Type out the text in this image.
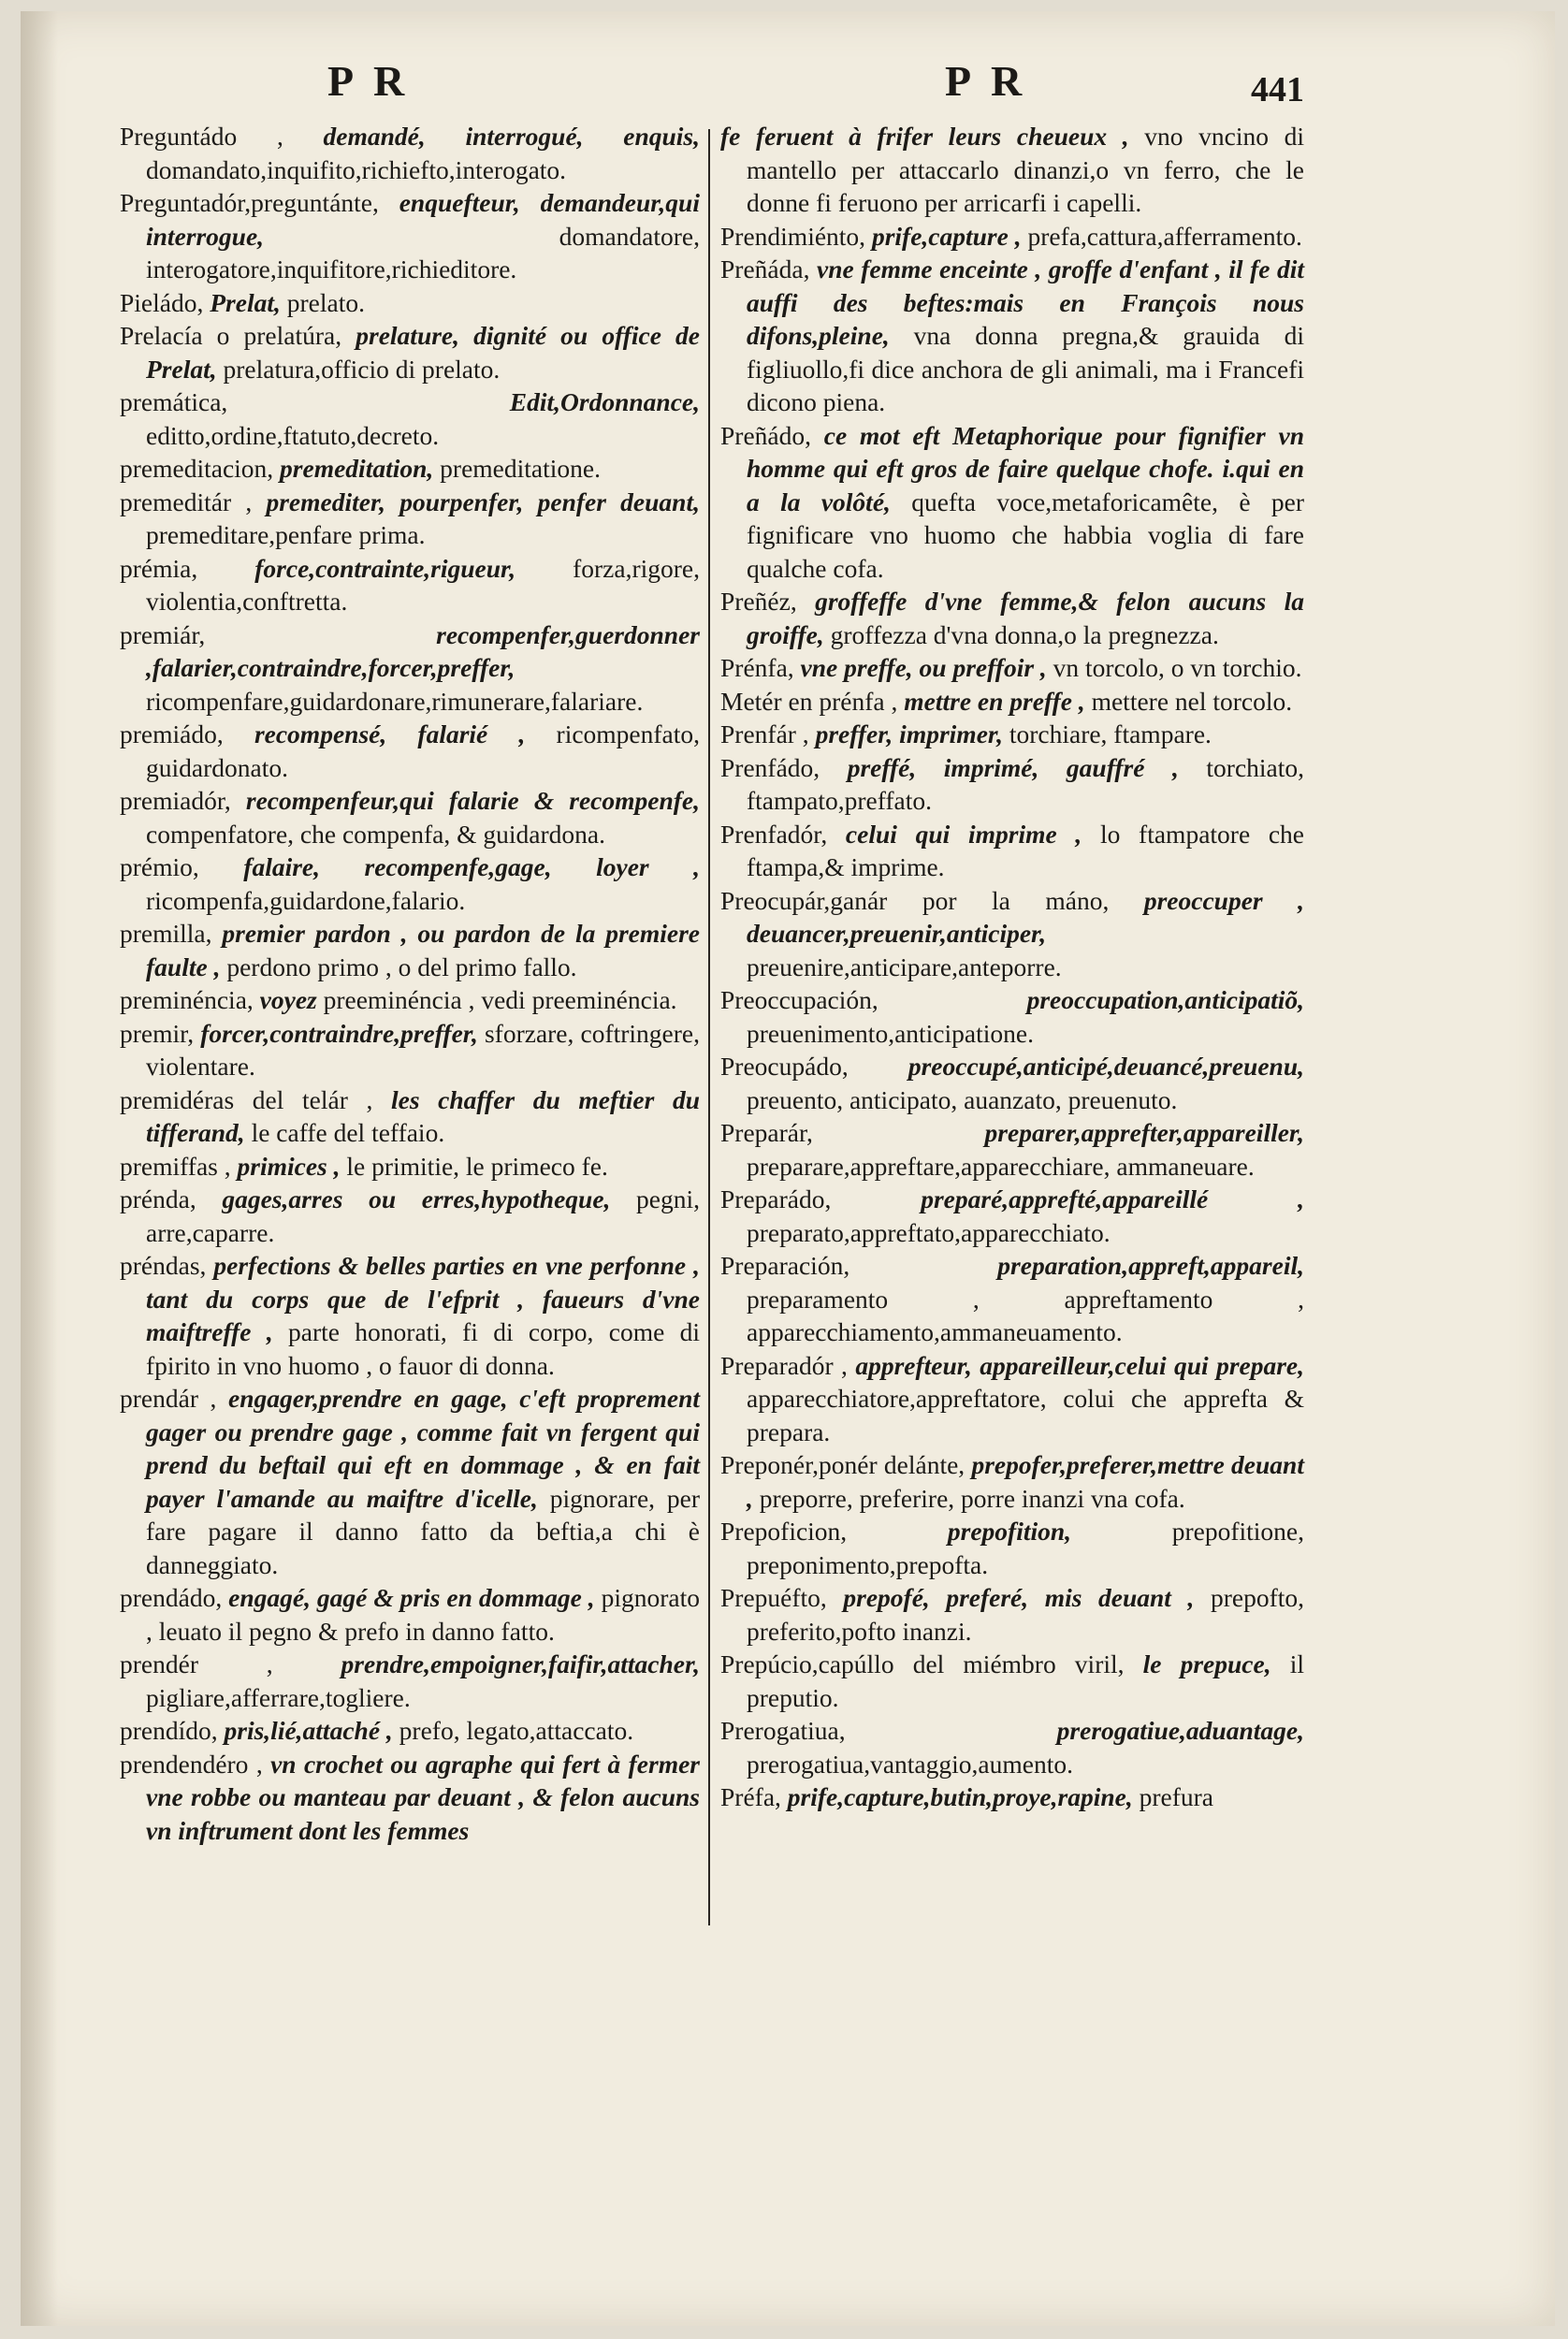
P R	P R	441

Preguntádo , demandé, interrogué, enquis, domandato,inquifito,richiefto,interogato.

Preguntadór,preguntánte, enquefteur, demandeur,qui interrogue,	domandatore, interogatore,inquifitore,richieditore.

Pieládo, Prelat, prelato.

Prelacía o prelatúra, prelature, dignité ou office de Prelat, prelatura,officio di prelato.

premática,	Edit,Ordonnance, editto,ordine,ftatuto,decreto.

premeditacion, premeditation, premeditatione.

premeditár , premediter, pourpenfer, penfer deuant, premeditare,penfare prima.

prémia, force,contrainte,rigueur, forza,rigore, violentia,conftretta.

premiár,	recompenfer,guerdonner ,falarier,contraindre,forcer,preffer, ricompenfare,guidardonare,rimunerare,falariare.

premiádo, recompensé, falarié , ricompenfato, guidardonato.

premiadór, recompenfeur,qui falarie & recompenfe, compenfatore, che compenfa, & guidardona.

prémio, falaire, recompenfe,gage, loyer , ricompenfa,guidardone,falario.

premilla, premier pardon , ou pardon de la premiere faulte , perdono primo , o del primo fallo.

preminéncia, voyez preeminéncia , vedi preeminéncia.

premir, forcer,contraindre,preffer, sforzare, coftringere, violentare.

premidéras del telár , les chaffer du meftier du tifferand, le caffe del teffaio.

premiffas , primices , le primitie, le primeco fe.

prénda, gages,arres ou erres,hypotheque, pegni, arre,caparre.

préndas, perfections & belles parties en vne perfonne , tant du corps que de l'efprit , faueurs d'vne maiftreffe , parte honorati, fi di corpo, come di fpirito in vno huomo , o fauor di donna.

prendár , engager,prendre en gage, c'eft proprement gager ou prendre gage , comme fait vn fergent qui prend du beftail qui eft en dommage , & en fait payer l'amande au maiftre d'icelle, pignorare, per fare pagare il danno fatto da beftia,a chi è danneggiato.

prendádo, engagé, gagé & pris en dommage , pignorato , leuato il pegno & prefo in danno fatto.

prendér ,	prendre,empoigner,faifir,attacher, pigliare,afferrare,togliere.

prendído, pris,lié,attaché , prefo, legato,attaccato.

prendendéro , vn crochet ou agraphe qui fert à fermer vne robbe ou manteau par deuant , & felon aucuns vn inftrument dont les femmes

fe feruent à frifer leurs cheueux , vno vncino di mantello per attaccarlo dinanzi,o vn ferro, che le donne fi feruono per arricarfi i capelli.

Prendimiénto, prife,capture , prefa,cattura,afferramento.

Preñáda, vne femme enceinte , groffe d'enfant , il fe dit auffi des beftes:mais en François nous difons,pleine, vna donna pregna,& grauida di figliuollo,fi dice anchora de gli animali, ma i Francefi dicono piena.

Preñádo, ce mot eft Metaphorique pour fignifier vn homme qui eft gros de faire quelque chofe. i.qui en a la volôté, quefta voce,metaforicamête, è per fignificare vno huomo che habbia voglia di fare qualche cofa.

Preñéz, groffeffe d'vne femme,& felon aucuns la groiffe, groffezza d'vna donna,o la pregnezza.

Prénfa, vne preffe, ou preffoir , vn torcolo, o vn torchio.

Metér en prénfa , mettre en preffe , mettere nel torcolo.

Prenfár , preffer, imprimer, torchiare, ftampare.

Prenfádo, preffé, imprimé, gauffré , torchiato, ftampato,preffato.

Prenfadór, celui qui imprime , lo ftampatore che ftampa,& imprime.

Preocupár,ganár por la máno, preoccuper , deuancer,preuenir,anticiper, preuenire,anticipare,anteporre.

Preoccupación,	preoccupation,anticipatiõ, preuenimento,anticipatione.

Preocupádo, preoccupé,anticipé,deuancé,preuenu, preuento, anticipato, auanzato, preuenuto.

Preparár,	preparer,apprefter,appareiller, preparare,appreftare,apparecchiare, ammaneuare.

Preparádo,	preparé,apprefté,appareillé , preparato,appreftato,apparecchiato.

Preparación,	preparation,appreft,appareil, preparamento , appreftamento , apparecchiamento,ammaneuamento.

Preparadór , apprefteur, appareilleur,celui qui prepare, apparecchiatore,appreftatore, colui che apprefta & prepara.

Preponér,ponér delánte, prepofer,preferer,mettre deuant , preporre, preferire, porre inanzi vna cofa.

Prepoficion,	prepofition,	prepofitione, preponimento,prepofta.

Prepuéfto, prepofé, preferé, mis deuant , prepofto, preferito,pofto inanzi.

Prepúcio,capúllo del miémbro viril, le prepuce, il preputio.

Prerogatiua,	prerogatiue,aduantage, prerogatiua,vantaggio,aumento.

Préfa, prife,capture,butin,proye,rapine, prefura
